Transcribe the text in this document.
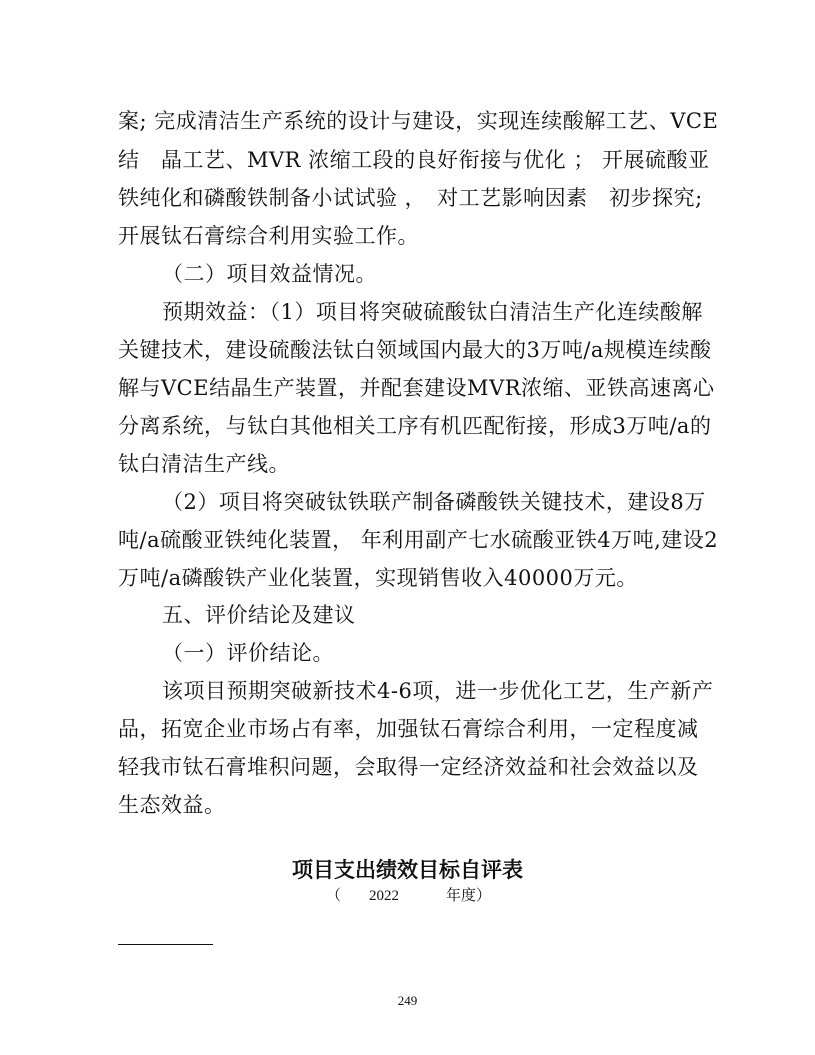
案; 完成清洁生产系统的设计与建设，实现连续酸解工艺、VCE
结　晶工艺、MVR 浓缩工段的良好衔接与优化 ； 开展硫酸亚
铁纯化和磷酸铁制备小试试验 ，　对工艺影响因素　初步探究;
开展钛石膏综合利用实验工作。
（二）项目效益情况。
预期效益：（1）项目将突破硫酸钛白清洁生产化连续酸解
关键技术，建设硫酸法钛白领域国内最大的3万吨/a规模连续酸
解与VCE结晶生产装置，并配套建设MVR浓缩、亚铁高速离心
分离系统，与钛白其他相关工序有机匹配衔接，形成3万吨/a的
钛白清洁生产线。
（2）项目将突破钛铁联产制备磷酸铁关键技术，建设8万
吨/a硫酸亚铁纯化装置， 年利用副产七水硫酸亚铁4万吨,建设2
万吨/a磷酸铁产业化装置，实现销售收入40000万元。
五、评价结论及建议
（一）评价结论。
该项目预期突破新技术4-6项，进一步优化工艺，生产新产
品，拓宽企业市场占有率，加强钛石膏综合利用，一定程度减
轻我市钛石膏堆积问题，会取得一定经济效益和社会效益以及
生态效益。
项目支出绩效目标自评表
（ 2022	年度）
249
